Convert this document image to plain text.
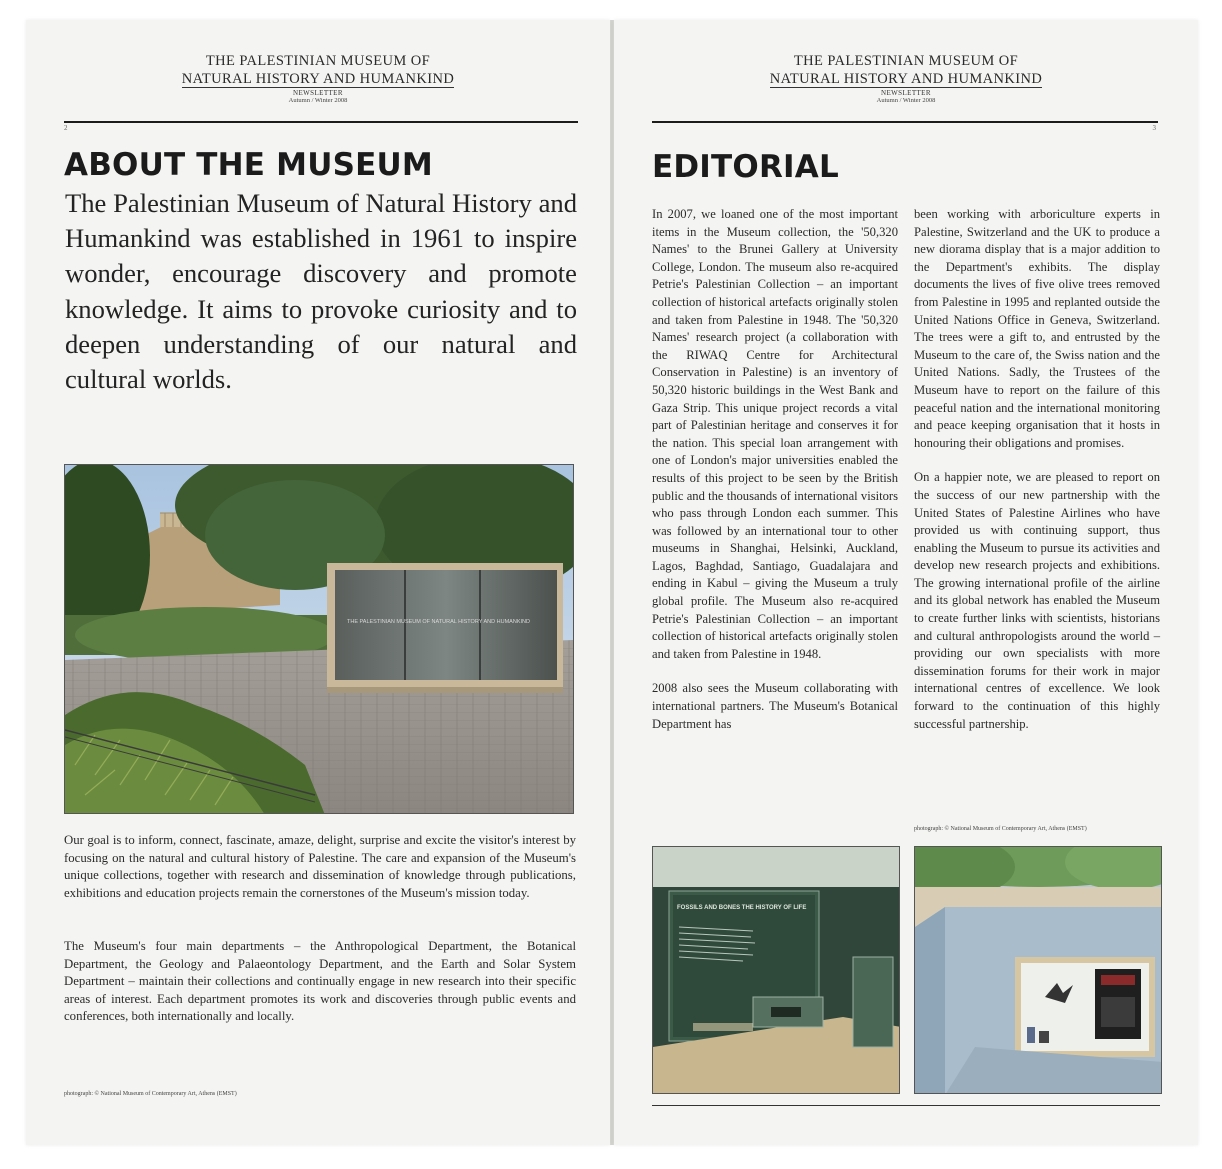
THE PALESTINIAN MUSEUM OF
NATURAL HISTORY AND HUMANKIND
NEWSLETTER
Autumn / Winter 2008
2
ABOUT THE MUSEUM
The Palestinian Museum of Natural History and Humankind was established in 1961 to inspire wonder, encourage discovery and promote knowledge. It aims to provoke curiosity and to deepen understanding of our natural and cultural worlds.
THE PALESTINIAN MUSEUM OF NATURAL HISTORY AND HUMANKIND
Our goal is to inform, connect, fascinate, amaze, delight, surprise and excite the visitor's interest by focusing on the natural and cultural history of Palestine. The care and expansion of the Museum's unique collections, together with research and dissemination of knowledge through publications, exhibitions and education projects remain the cornerstones of the Museum's mission today.
The Museum's four main departments – the Anthropological Department, the Botanical Department, the Geology and Palaeontology Department, and the Earth and Solar System Department – maintain their collections and continually engage in new research into their specific areas of interest. Each department promotes its work and discoveries through public events and conferences, both internationally and locally.
photograph: © National Museum of Contemporary Art, Athens (EMST)
THE PALESTINIAN MUSEUM OF
NATURAL HISTORY AND HUMANKIND
NEWSLETTER
Autumn / Winter 2008
3
EDITORIAL

In 2007, we loaned one of the most important items in the Museum collection, the '50,320 Names' to the Brunei Gallery at University College, London. The museum also re-acquired Petrie's Palestinian Collection – an important collection of historical artefacts originally stolen and taken from Palestine in 1948. The '50,320 Names' research project (a collaboration with the RIWAQ Centre for Architectural Conservation in Palestine) is an inventory of 50,320 historic buildings in the West Bank and Gaza Strip. This unique project records a vital part of Palestinian heritage and conserves it for the nation. This special loan arrangement with one of London's major universities enabled the results of this project to be seen by the British public and the thousands of international visitors who pass through London each summer. This was followed by an international tour to other museums in Shanghai, Helsinki, Auckland, Lagos, Baghdad, Santiago, Guadalajara and ending in Kabul – giving the Museum a truly global profile. The Museum also re-acquired Petrie's Palestinian Collection – an important collection of historical artefacts originally stolen and taken from Palestine in 1948.

2008 also sees the Museum collaborating with international partners. The Museum's Botanical Department has

been working with arboriculture experts in Palestine, Switzerland and the UK to produce a new diorama display that is a major addition to the Department's exhibits. The display documents the lives of five olive trees removed from Palestine in 1995 and replanted outside the United Nations Office in Geneva, Switzerland. The trees were a gift to, and entrusted by the Museum to the care of, the Swiss nation and the United Nations. Sadly, the Trustees of the Museum have to report on the failure of this peaceful nation and the international monitoring and peace keeping organisation that it hosts in honouring their obligations and promises.

On a happier note, we are pleased to report on the success of our new partnership with the United States of Palestine Airlines who have provided us with continuing support, thus enabling the Museum to pursue its activities and develop new research projects and exhibitions. The growing international profile of the airline and its global network has enabled the Museum to create further links with scientists, historians and cultural anthropologists around the world – providing our own specialists with more dissemination forums for their work in major international centres of excellence. We look forward to the continuation of this highly successful partnership.

photograph: © National Museum of Contemporary Art, Athens (EMST)
FOSSILS AND BONES THE HISTORY OF LIFE
